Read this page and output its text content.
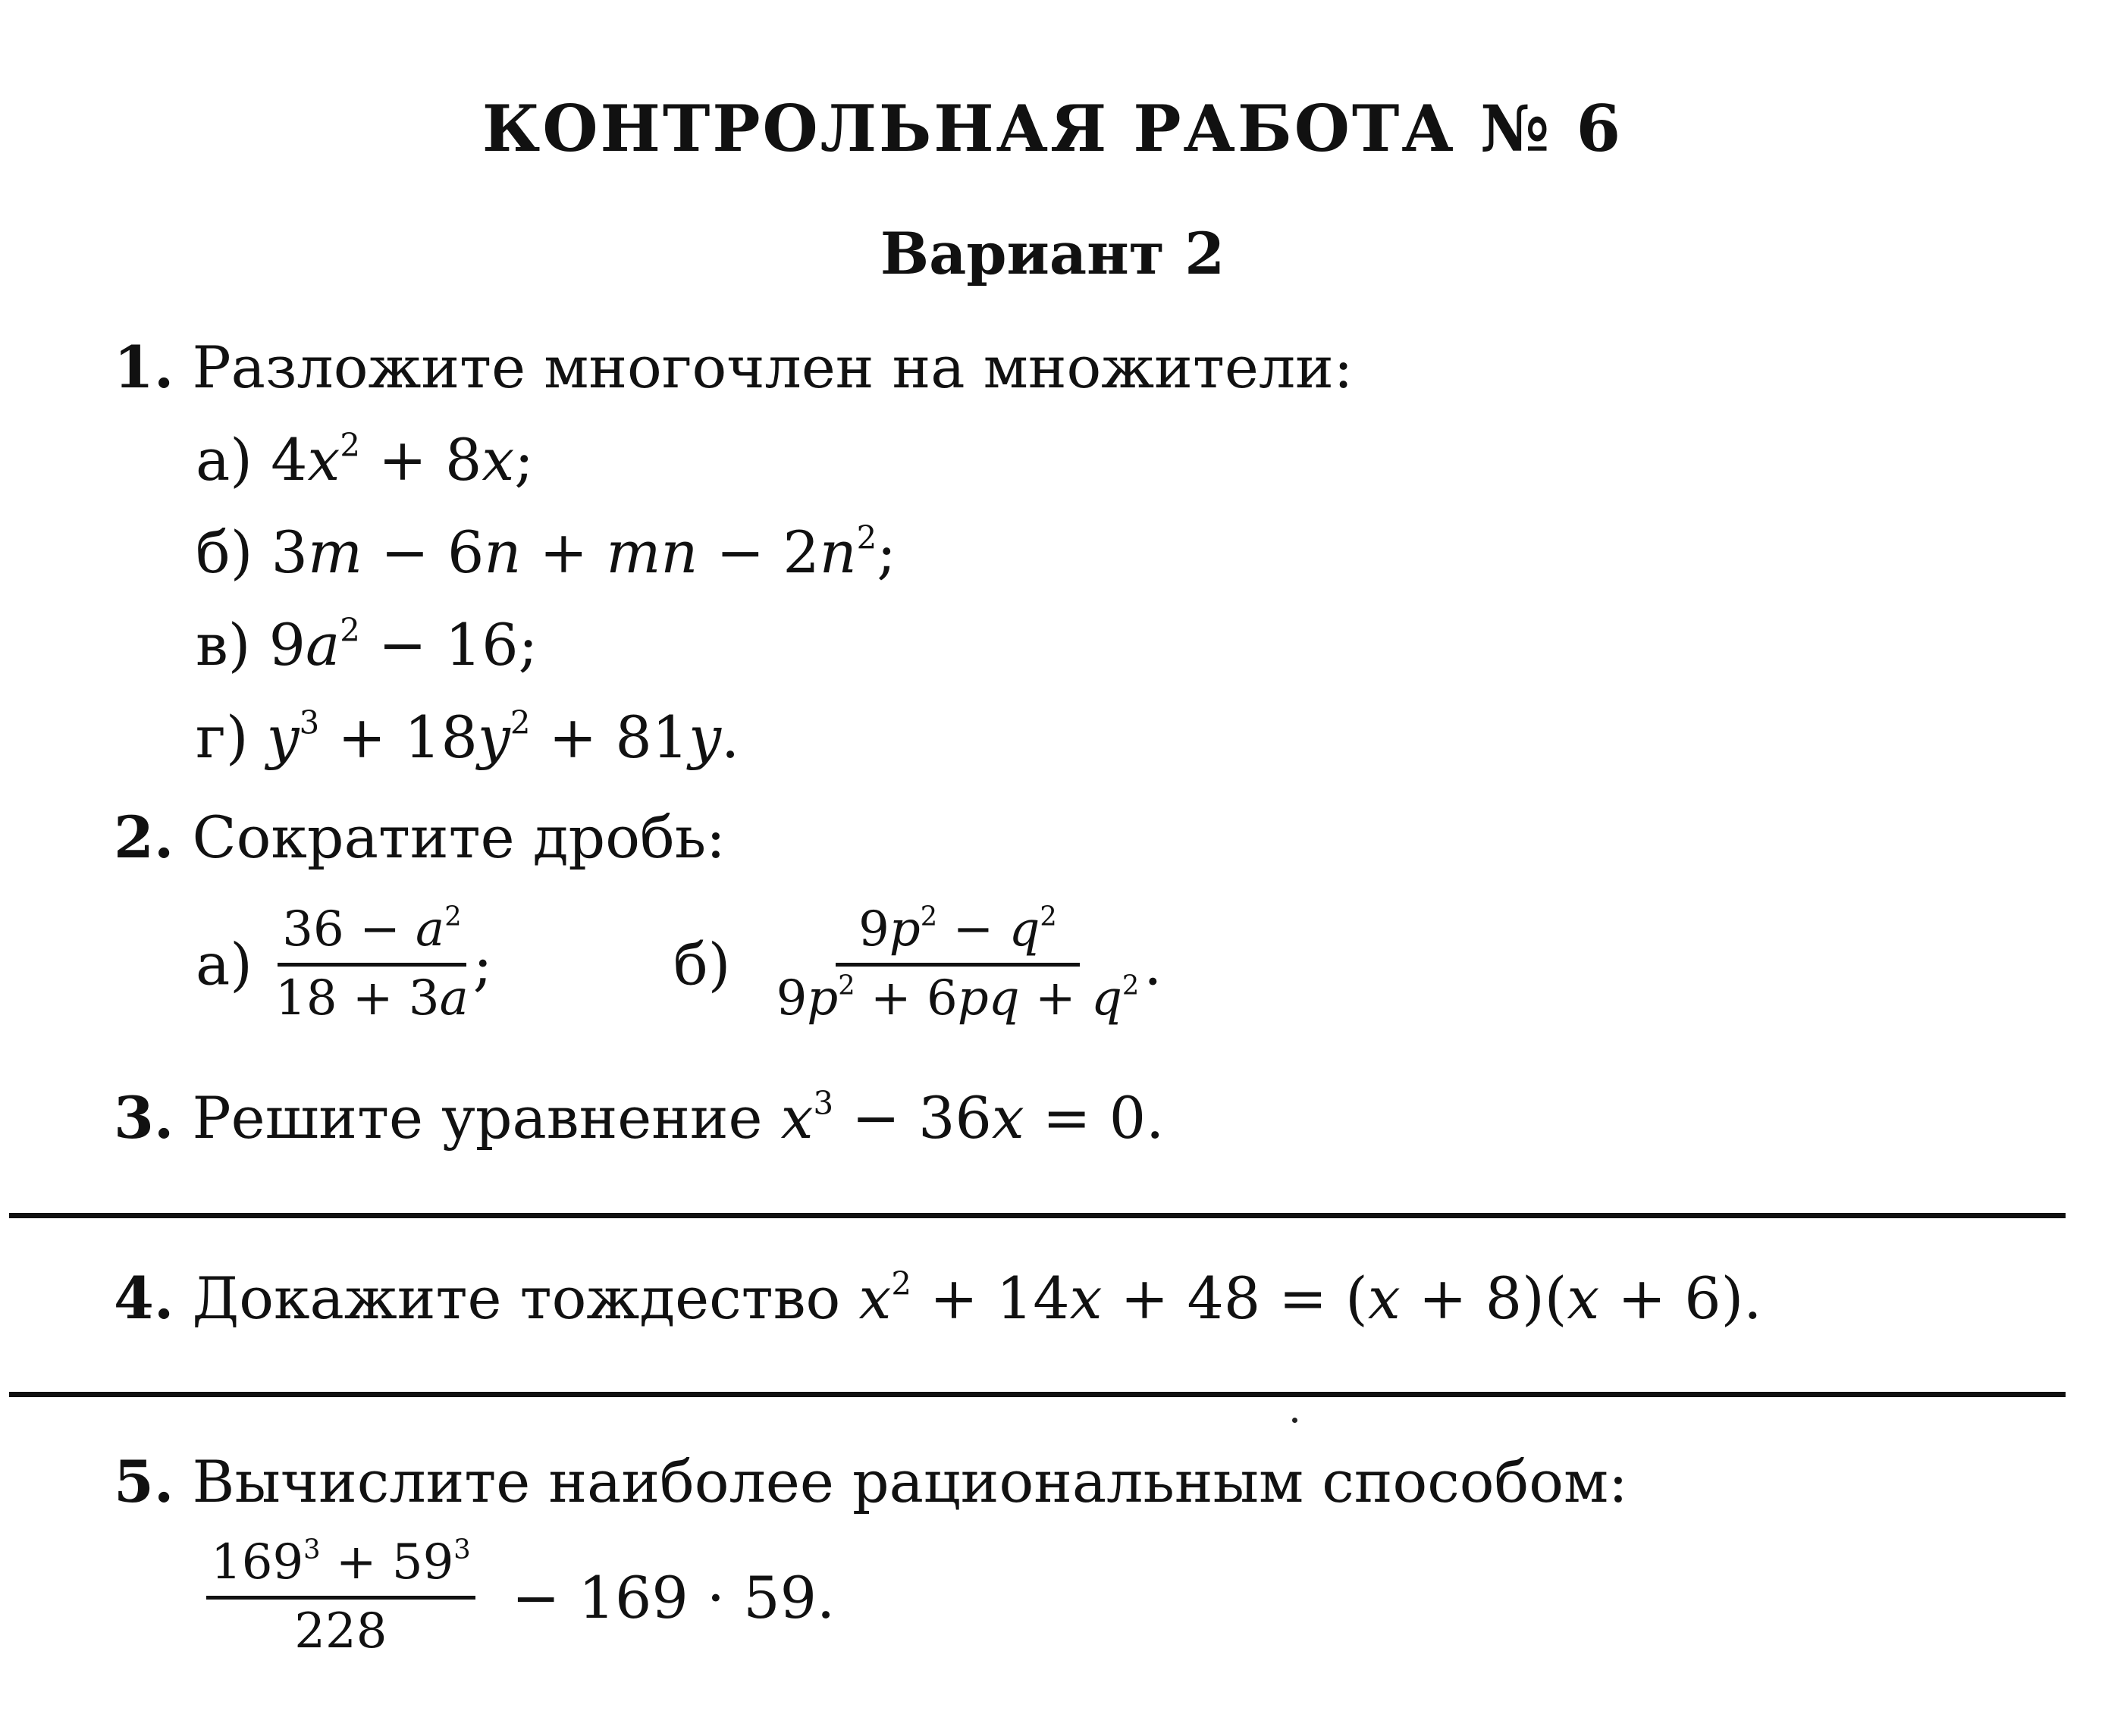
КОНТРОЛЬНАЯ РАБОТА № 6
Вариант 2
1. Разложите многочлен на множители:
а) $4x^2 + 8x$;
б) 3m − 6n + mn − $2n^2$;
в) $9a^2 - 16$;
г) $y^3 + 18y^2 + 81y$.
2. Сократите дробь:
$а) \frac{36 - a^2}{18 + 3a}$ ;	$б) \frac{9p^2 - q^2}{9p^2 + 6pq + q^2}$ .
3. Решите уравнение $x^3 - 36x = 0$.
4. Докажите тождество $x^2 + 14x + 48 = (x + 8)(x + 6)$.
5. Вычислите наиболее рациональным способом:
$\frac{169^3 + 59^3}{228} - 169 \cdot 59$.
